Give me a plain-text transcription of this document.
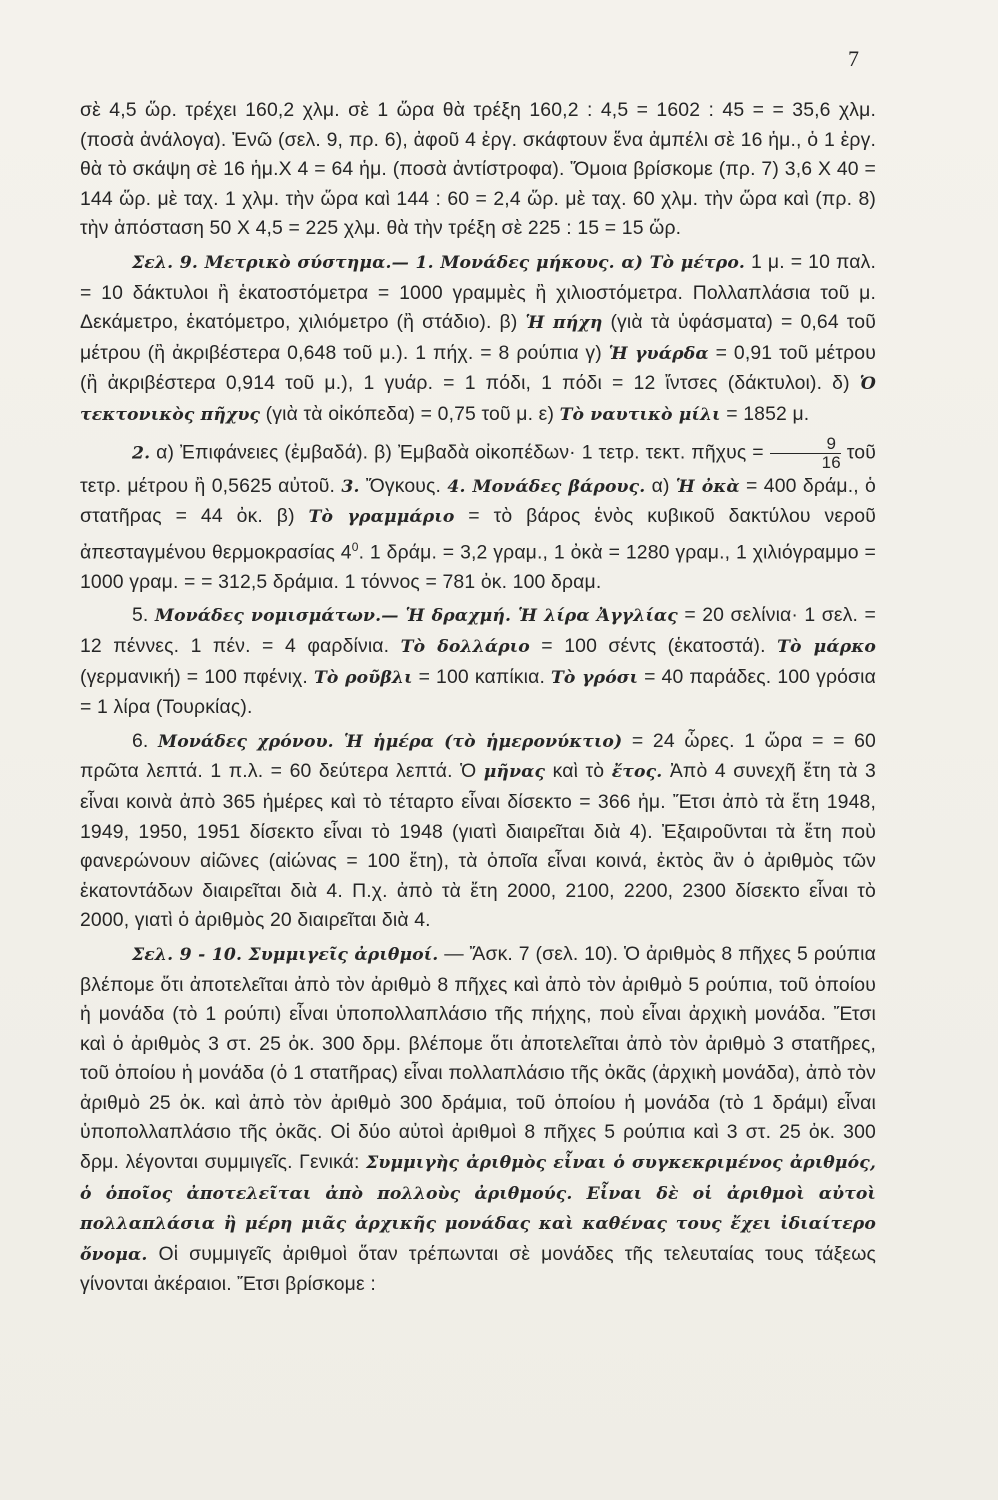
7

σὲ 4,5 ὥρ. τρέχει 160,2 χλμ. σὲ 1 ὥρα θὰ τρέξη 160,2 : 4,5 = 1602 : 45 = = 35,6 χλμ. (ποσὰ ἀνάλογα). Ἐνῶ (σελ. 9, πρ. 6), ἀφοῦ 4 ἐργ. σκάφτουν ἕνα ἀμπέλι σὲ 16 ἡμ., ὁ 1 ἐργ. θὰ τὸ σκάψη σὲ 16 ἡμ.Χ 4 = 64 ἡμ. (ποσὰ ἀντίστροφα). Ὅμοια βρίσκομε (πρ. 7) 3,6 Χ 40 = 144 ὥρ. μὲ ταχ. 1 χλμ. τὴν ὥρα καὶ 144 : 60 = 2,4 ὥρ. μὲ ταχ. 60 χλμ. τὴν ὥρα καὶ (πρ. 8) τὴν ἀπόσταση 50 Χ 4,5 = 225 χλμ. θὰ τὴν τρέξη σὲ 225 : 15 = 15 ὥρ.

Σελ. 9. Μετρικὸ σύστημα.— 1. Μονάδες μήκους. α) Τὸ μέτρο. 1 μ. = 10 παλ. = 10 δάκτυλοι ἢ ἑκατοστόμετρα = 1000 γραμμὲς ἢ χιλιοστόμετρα. Πολλαπλάσια τοῦ μ. Δεκάμετρο, ἑκατόμετρο, χιλιόμετρο (ἢ στάδιο). β) Ἡ πήχη (γιὰ τὰ ὑφάσματα) = 0,64 τοῦ μέτρου (ἢ ἀκριβέστερα 0,648 τοῦ μ.). 1 πήχ. = 8 ρούπια γ) Ἡ γυάρδα = 0,91 τοῦ μέτρου (ἢ ἀκριβέστερα 0,914 τοῦ μ.), 1 γυάρ. = 1 πόδι, 1 πόδι = 12 ἴντσες (δάκτυλοι). δ) Ὁ τεκτονικὸς πῆχυς (γιὰ τὰ οἰκόπεδα) = 0,75 τοῦ μ. ε) Τὸ ναυτικὸ μίλι = 1852 μ.

2. α) Ἐπιφάνειες (ἐμβαδά). β) Ἐμβαδὰ οἰκοπέδων· 1 τετρ. τεκτ. πῆχυς = $\frac{9}{16}$ τοῦ τετρ. μέτρου ἢ 0,5625 αὐτοῦ. 3. Ὄγκους. 4. Μονάδες βάρους. α) Ἡ ὀκὰ = 400 δράμ., ὁ στατῆρας = 44 ὀκ. β) Τὸ γραμμάριο = τὸ βάρος ἑνὸς κυβικοῦ δακτύλου νεροῦ ἀπεσταγμένου θερμοκρασίας $4^0$. 1 δράμ. = 3,2 γραμ., 1 ὀκὰ = 1280 γραμ., 1 χιλιόγραμμο = 1000 γραμ. = = 312,5 δράμια. 1 τόννος = 781 ὀκ. 100 δραμ.

5. Μονάδες νομισμάτων.— Ἡ δραχμή. Ἡ λίρα Ἀγγλίας = 20 σελίνια· 1 σελ. = 12 πέννες. 1 πέν. = 4 φαρδίνια. Τὸ δολλάριο = 100 σέντς (ἑκατοστά). Τὸ μάρκο (γερμανική) = 100 πφένιχ. Τὸ ροῦβλι = 100 καπίκια. Τὸ γρόσι = 40 παράδες. 100 γρόσια = 1 λίρα (Τουρκίας).

6. Μονάδες χρόνου. Ἡ ἡμέρα (τὸ ἡμερονύκτιο) = 24 ὧρες. 1 ὥρα = = 60 πρῶτα λεπτά. 1 π.λ. = 60 δεύτερα λεπτά. Ὁ μῆνας καὶ τὸ ἔτος. Ἀπὸ 4 συνεχῆ ἔτη τὰ 3 εἶναι κοινὰ ἀπὸ 365 ἡμέρες καὶ τὸ τέταρτο εἶναι δίσεκτο = 366 ἡμ. Ἔτσι ἀπὸ τὰ ἔτη 1948, 1949, 1950, 1951 δίσεκτο εἶναι τὸ 1948 (γιατὶ διαιρεῖται διὰ 4). Ἐξαιροῦνται τὰ ἔτη ποὺ φανερώνουν αἰῶνες (αἰώνας = 100 ἔτη), τὰ ὁποῖα εἶναι κοινά, ἐκτὸς ἂν ὁ ἀριθμὸς τῶν ἑκατοντάδων διαιρεῖται διὰ 4. Π.χ. ἀπὸ τὰ ἔτη 2000, 2100, 2200, 2300 δίσεκτο εἶναι τὸ 2000, γιατὶ ὁ ἀριθμὸς 20 διαιρεῖται διὰ 4.

Σελ. 9 - 10. Συμμιγεῖς ἀριθμοί. — Ἄσκ. 7 (σελ. 10). Ὁ ἀριθμὸς 8 πῆχες 5 ρούπια βλέπομε ὅτι ἀποτελεῖται ἀπὸ τὸν ἀριθμὸ 8 πῆχες καὶ ἀπὸ τὸν ἀριθμὸ 5 ρούπια, τοῦ ὁποίου ἡ μονάδα (τὸ 1 ρούπι) εἶναι ὑποπολλαπλάσιο τῆς πήχης, ποὺ εἶναι ἀρχικὴ μονάδα. Ἔτσι καὶ ὁ ἀριθμὸς 3 στ. 25 ὀκ. 300 δρμ. βλέπομε ὅτι ἀποτελεῖται ἀπὸ τὸν ἀριθμὸ 3 στατῆρες, τοῦ ὁποίου ἡ μονάδα (ὁ 1 στατῆρας) εἶναι πολλαπλάσιο τῆς ὀκᾶς (ἀρχικὴ μονάδα), ἀπὸ τὸν ἀριθμὸ 25 ὀκ. καὶ ἀπὸ τὸν ἀριθμὸ 300 δράμια, τοῦ ὁποίου ἡ μονάδα (τὸ 1 δράμι) εἶναι ὑποπολλαπλάσιο τῆς ὀκᾶς. Οἱ δύο αὐτοὶ ἀριθμοὶ 8 πῆχες 5 ρούπια καὶ 3 στ. 25 ὀκ. 300 δρμ. λέγονται συμμιγεῖς. Γενικά: Συμμιγὴς ἀριθμὸς εἶναι ὁ συγκεκριμένος ἀριθμός, ὁ ὁποῖος ἀποτελεῖται ἀπὸ πολλοὺς ἀριθμούς. Εἶναι δὲ οἱ ἀριθμοὶ αὐτοὶ πολλαπλάσια ἢ μέρη μιᾶς ἀρχικῆς μονάδας καὶ καθένας τους ἔχει ἰδιαίτερο ὄνομα. Οἱ συμμιγεῖς ἀριθμοὶ ὅταν τρέπωνται σὲ μονάδες τῆς τελευταίας τους τάξεως γίνονται ἀκέραιοι. Ἔτσι βρίσκομε :
